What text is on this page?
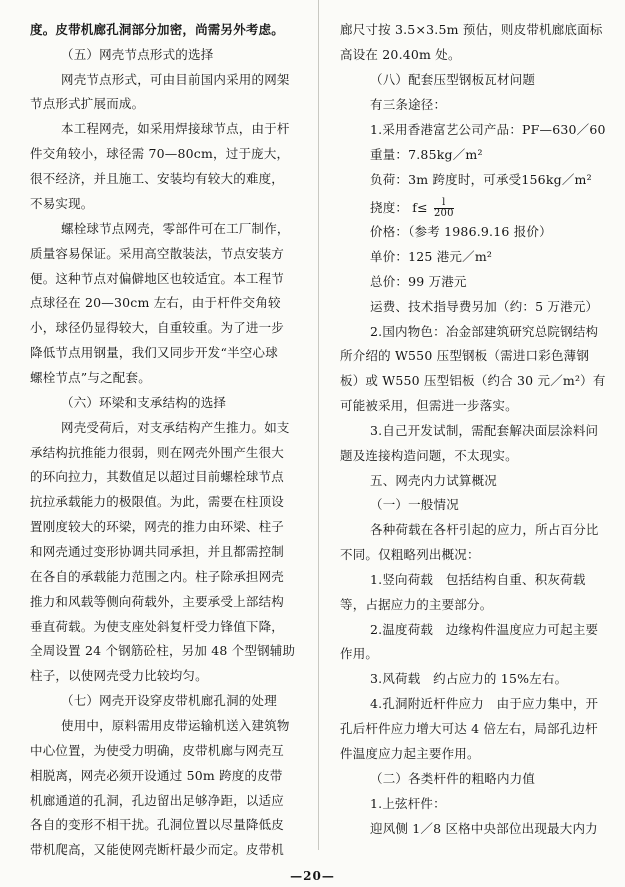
度。皮带机廊孔洞部分加密，尚需另外考虑。
（五）网壳节点形式的选择
网壳节点形式，可由目前国内采用的网架
节点形式扩展而成。
本工程网壳，如采用焊接球节点，由于杆
件交角较小，球径需 70—80cm，过于庞大，
很不经济，并且施工、安装均有较大的难度，
不易实现。
螺栓球节点网壳，零部件可在工厂制作，
质量容易保证。采用高空散装法，节点安装方
便。这种节点对偏僻地区也较适宜。本工程节
点球径在 20—30cm 左右，由于杆件交角较
小，球径仍显得较大，自重较重。为了进一步
降低节点用钢量，我们又同步开发“半空心球
螺栓节点”与之配套。
（六）环梁和支承结构的选择
网壳受荷后，对支承结构产生推力。如支
承结构抗推能力很弱，则在网壳外围产生很大
的环向拉力，其数值足以超过目前螺栓球节点
抗拉承载能力的极限值。为此，需要在柱顶设
置刚度较大的环梁，网壳的推力由环梁、柱子
和网壳通过变形协调共同承担，并且都需控制
在各自的承载能力范围之内。柱子除承担网壳
推力和风载等侧向荷载外，主要承受上部结构
垂直荷载。为使支座处斜复杆受力锋值下降，
全周设置 24 个钢筋砼柱，另加 48 个型钢辅助
柱子，以使网壳受力比较均匀。
（七）网壳开设穿皮带机廊孔洞的处理
使用中，原料需用皮带运输机送入建筑物
中心位置，为使受力明确，皮带机廊与网壳互
相脱离，网壳必须开设通过 50m 跨度的皮带
机廊通道的孔洞，孔边留出足够净距，以适应
各自的变形不相干扰。孔洞位置以尽量降低皮
带机爬高，又能使网壳断杆最少而定。皮带机
廊尺寸按 3.5×3.5m 预估，则皮带机廊底面标
高设在 20.40m 处。
（八）配套压型钢板瓦材问题
有三条途径：
1.采用香港富艺公司产品：PF—630／60
重量：7.85kg／m²
负荷：3m 跨度时，可承受156kg／m²
价格：（参考 1986.9.16 报价）
单价：125 港元／m²
总价：99 万港元
运费、技术指导费另加（约：5 万港元）
2.国内物色：冶金部建筑研究总院钢结构
所介绍的 W550 压型钢板（需进口彩色薄钢
板）或 W550 压型铝板（约合 30 元／m²）有
可能被采用，但需进一步落实。
3.自己开发试制，需配套解决面层涂料问
题及连接构造问题，不太现实。
五、网壳内力试算概况
（一）一般情况
各种荷载在各杆引起的应力，所占百分比
不同。仅粗略列出概况：
1.竖向荷载　包括结构自重、积灰荷载
等，占据应力的主要部分。
2.温度荷载　边缘构件温度应力可起主要
作用。
3.风荷载　约占应力的 15%左右。
4.孔洞附近杆件应力　由于应力集中，开
孔后杆件应力增大可达 4 倍左右，局部孔边杆
件温度应力起主要作用。
（二）各类杆件的粗略内力值
1.上弦杆件：
迎风侧 1／8 区格中央部位出现最大内力
挠度： $f\le \frac{l}{200}$
—20—
